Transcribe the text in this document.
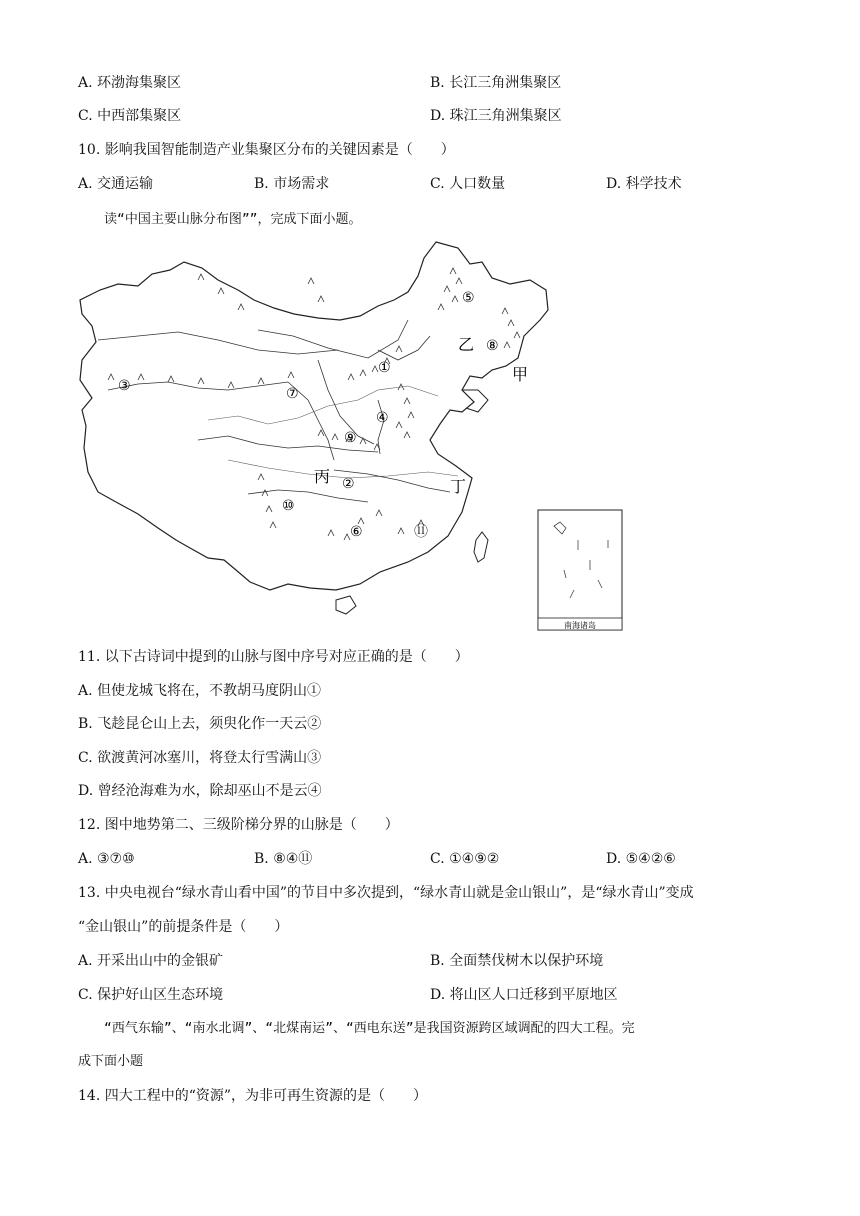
A. 环渤海集聚区	B. 长江三角洲集聚区
C. 中西部集聚区	D. 珠江三角洲集聚区
10. 影响我国智能制造产业集聚区分布的关键因素是（　　）
A. 交通运输	B. 市场需求	C. 人口数量	D. 科学技术
读“中国主要山脉分布图””，完成下面小题。
南海诸岛
乙
甲
丙
丁
⑤
⑧
①
③	⑦
④
⑨
②
⑩
⑥	⑪
11. 以下古诗词中提到的山脉与图中序号对应正确的是（　　）
A. 但使龙城飞将在，不教胡马度阴山①
B. 飞趁昆仑山上去，须臾化作一天云②
C. 欲渡黄河冰塞川，将登太行雪满山③
D. 曾经沧海难为水，除却巫山不是云④
12. 图中地势第二、三级阶梯分界的山脉是（　　）
A. ③⑦⑩	B. ⑧④⑪	C. ①④⑨②	D. ⑤④②⑥
13. 中央电视台“绿水青山看中国”的节目中多次提到，“绿水青山就是金山银山”，是“绿水青山”变成
“金山银山”的前提条件是（　　）
A. 开采出山中的金银矿	B. 全面禁伐树木以保护环境
C. 保护好山区生态环境	D. 将山区人口迁移到平原地区
“西气东输”、“南水北调”、“北煤南运”、“西电东送”是我国资源跨区域调配的四大工程。完
成下面小题
14. 四大工程中的“资源”，为非可再生资源的是（　　）
